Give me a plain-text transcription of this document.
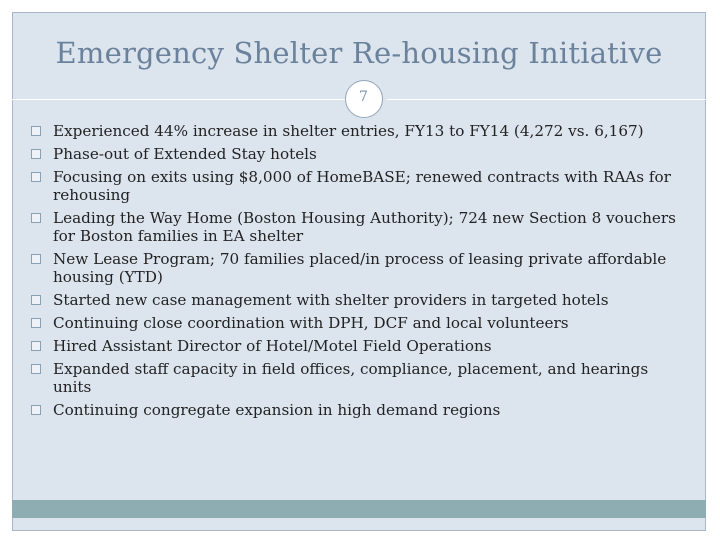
Emergency Shelter Re-housing Initiative
7
Experienced 44% increase in shelter entries, FY13 to FY14 (4,272 vs. 6,167)
Phase-out of Extended Stay hotels
Focusing on exits using $8,000 of HomeBASE; renewed contracts with RAAs for rehousing
Leading the Way Home (Boston Housing Authority); 724 new Section 8 vouchers for Boston families in EA shelter
New Lease Program; 70 families placed/in process of leasing private affordable housing (YTD)
Started new case management with shelter providers in targeted hotels
Continuing close coordination with DPH, DCF and local volunteers
Hired Assistant Director of Hotel/Motel Field Operations
Expanded staff capacity in field offices, compliance, placement, and hearings units
Continuing congregate expansion in high demand regions
